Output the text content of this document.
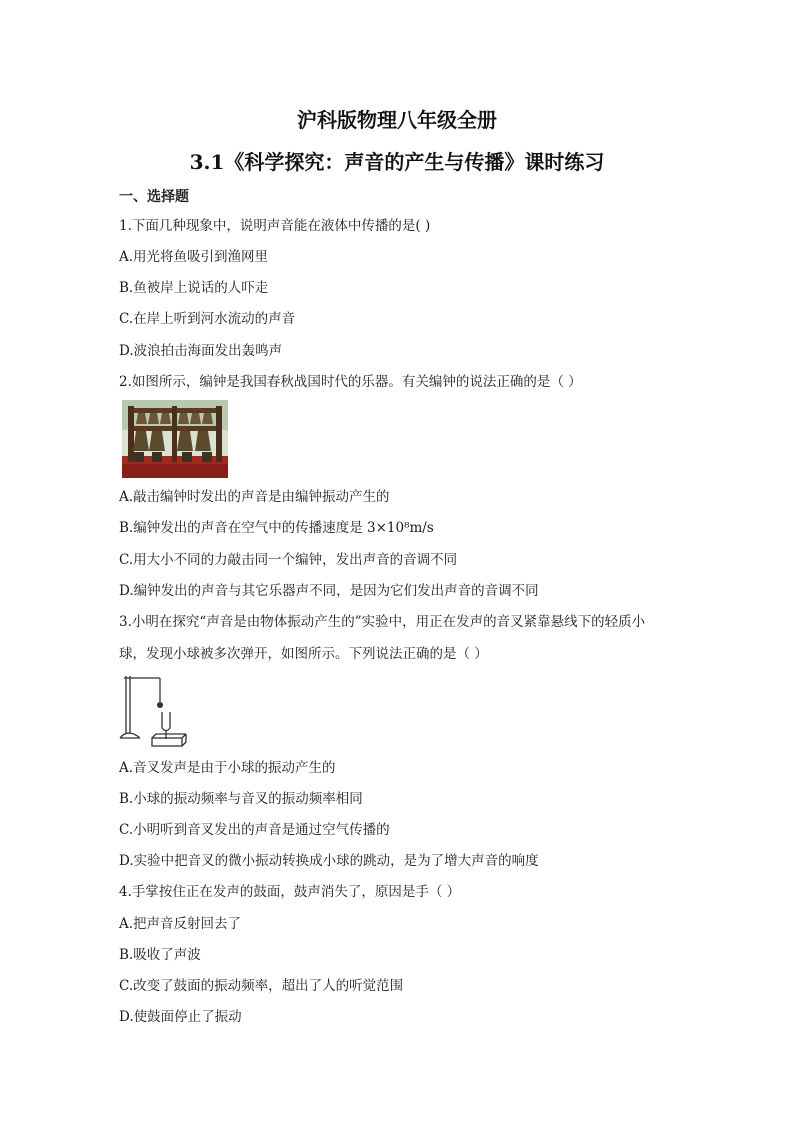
沪科版物理八年级全册
3.1《科学探究：声音的产生与传播》课时练习
一、选择题
1.下面几种现象中，说明声音能在液体中传播的是( )
A.用光将鱼吸引到渔网里
B.鱼被岸上说话的人吓走
C.在岸上听到河水流动的声音
D.波浪拍击海面发出轰鸣声
2.如图所示，编钟是我国春秋战国时代的乐器。有关编钟的说法正确的是（ ）
A.敲击编钟时发出的声音是由编钟振动产生的
B.编钟发出的声音在空气中的传播速度是 3×10⁸m/s
C.用大小不同的力敲击同一个编钟，发出声音的音调不同
D.编钟发出的声音与其它乐器声不同，是因为它们发出声音的音调不同
3.小明在探究“声音是由物体振动产生的”实验中，用正在发声的音叉紧靠悬线下的轻质小
球，发现小球被多次弹开，如图所示。下列说法正确的是（ ）
A.音叉发声是由于小球的振动产生的
B.小球的振动频率与音叉的振动频率相同
C.小明听到音叉发出的声音是通过空气传播的
D.实验中把音叉的微小振动转换成小球的跳动，是为了增大声音的响度
4.手掌按住正在发声的鼓面，鼓声消失了，原因是手（ ）
A.把声音反射回去了
B.吸收了声波
C.改变了鼓面的振动频率，超出了人的听觉范围
D.使鼓面停止了振动
